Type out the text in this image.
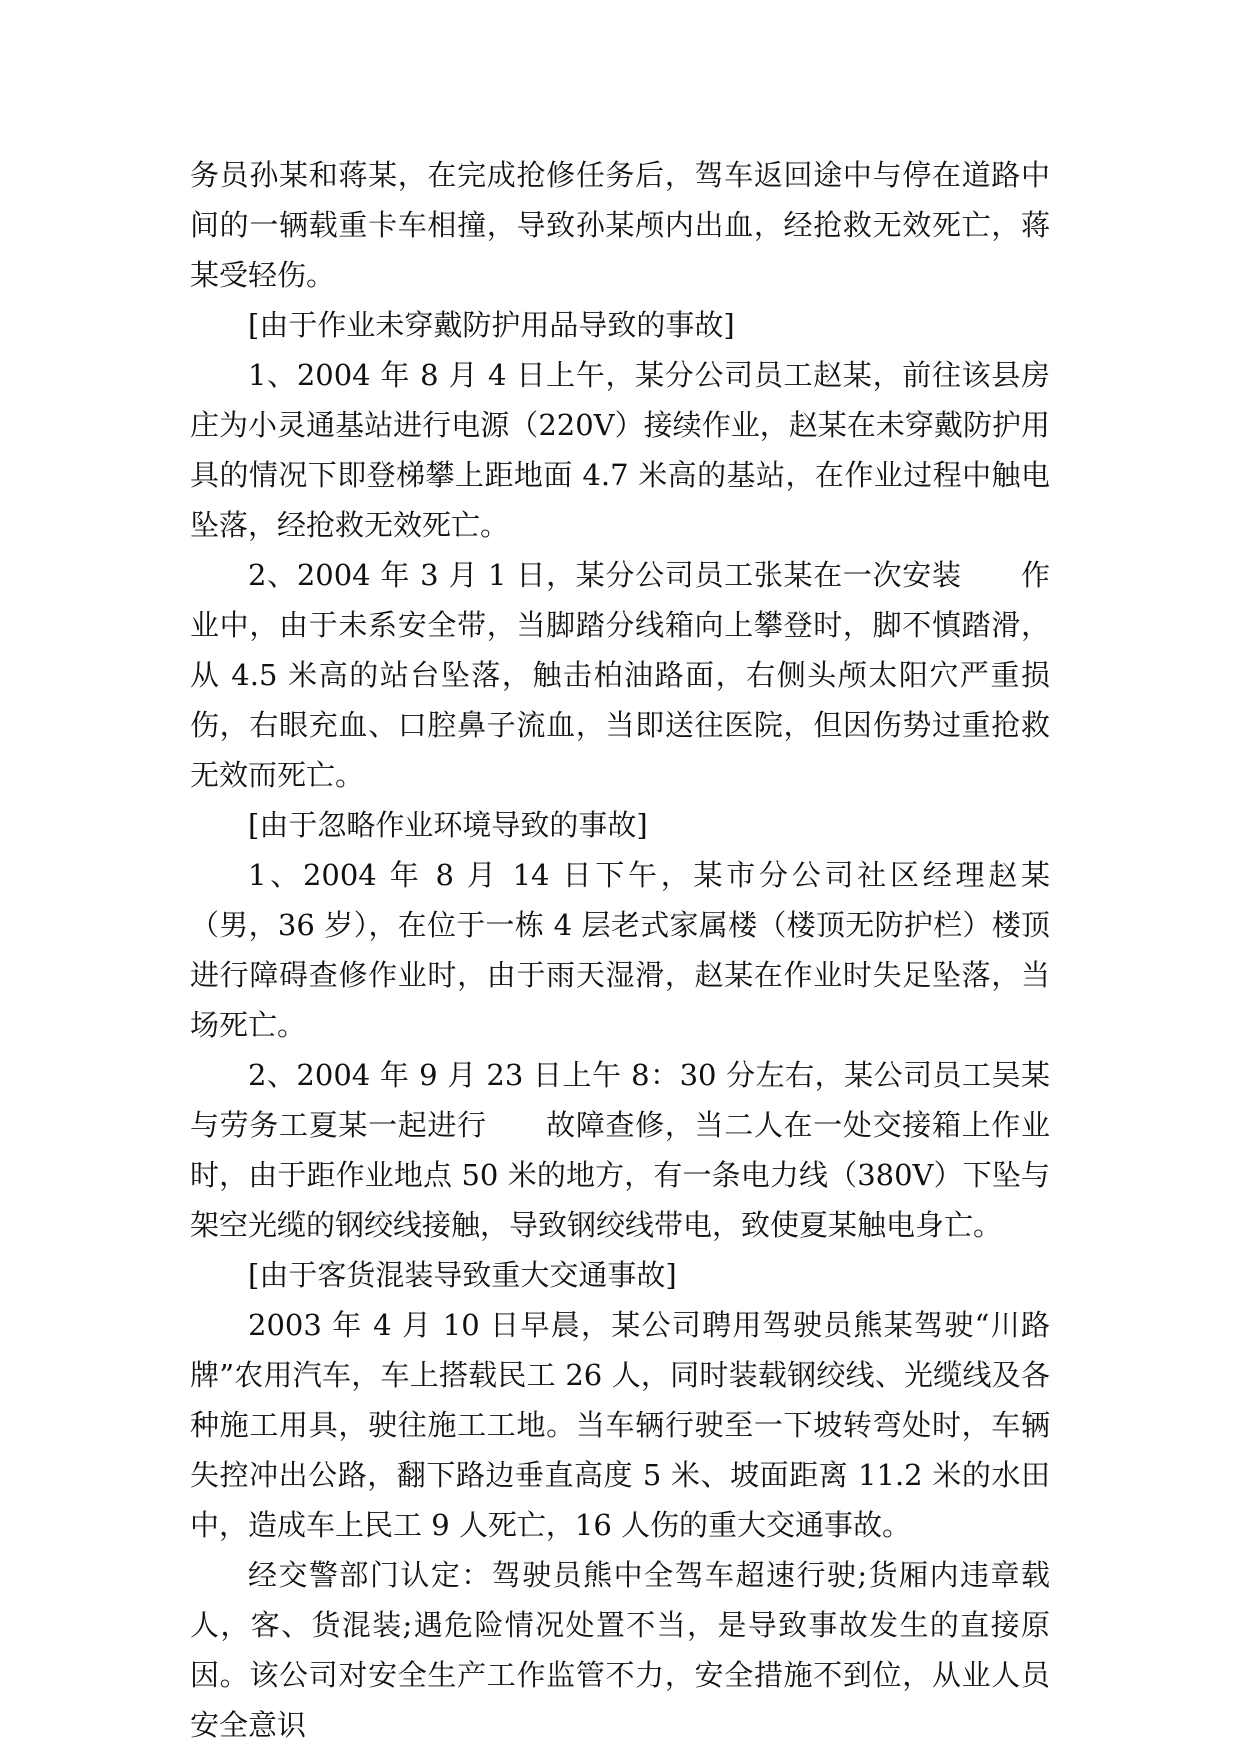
务员孙某和蒋某，在完成抢修任务后，驾车返回途中与停在道路中间的一辆载重卡车相撞，导致孙某颅内出血，经抢救无效死亡，蒋某受轻伤。

[由于作业未穿戴防护用品导致的事故]

1、2004 年 8 月 4 日上午，某分公司员工赵某，前往该县房庄为小灵通基站进行电源（220V）接续作业，赵某在未穿戴防护用具的情况下即登梯攀上距地面 4.7 米高的基站，在作业过程中触电坠落，经抢救无效死亡。

2、2004 年 3 月 1 日，某分公司员工张某在一次安装　　作业中，由于未系安全带，当脚踏分线箱向上攀登时，脚不慎踏滑，从 4.5 米高的站台坠落，触击柏油路面，右侧头颅太阳穴严重损伤，右眼充血、口腔鼻子流血，当即送往医院，但因伤势过重抢救无效而死亡。

[由于忽略作业环境导致的事故]

1、2004 年 8 月 14 日下午，某市分公司社区经理赵某（男，36 岁），在位于一栋 4 层老式家属楼（楼顶无防护栏）楼顶进行障碍查修作业时，由于雨天湿滑，赵某在作业时失足坠落，当场死亡。

2、2004 年 9 月 23 日上午 8：30 分左右，某公司员工吴某与劳务工夏某一起进行　　故障查修，当二人在一处交接箱上作业时，由于距作业地点 50 米的地方，有一条电力线（380V）下坠与架空光缆的钢绞线接触，导致钢绞线带电，致使夏某触电身亡。

[由于客货混装导致重大交通事故]

2003 年 4 月 10 日早晨，某公司聘用驾驶员熊某驾驶“川路牌”农用汽车，车上搭载民工 26 人，同时装载钢绞线、光缆线及各种施工用具，驶往施工工地。当车辆行驶至一下坡转弯处时，车辆失控冲出公路，翻下路边垂直高度 5 米、坡面距离 11.2 米的水田中，造成车上民工 9 人死亡，16 人伤的重大交通事故。

经交警部门认定：驾驶员熊中全驾车超速行驶;货厢内违章载人，客、货混装;遇危险情况处置不当，是导致事故发生的直接原因。该公司对安全生产工作监管不力，安全措施不到位，从业人员安全意识
